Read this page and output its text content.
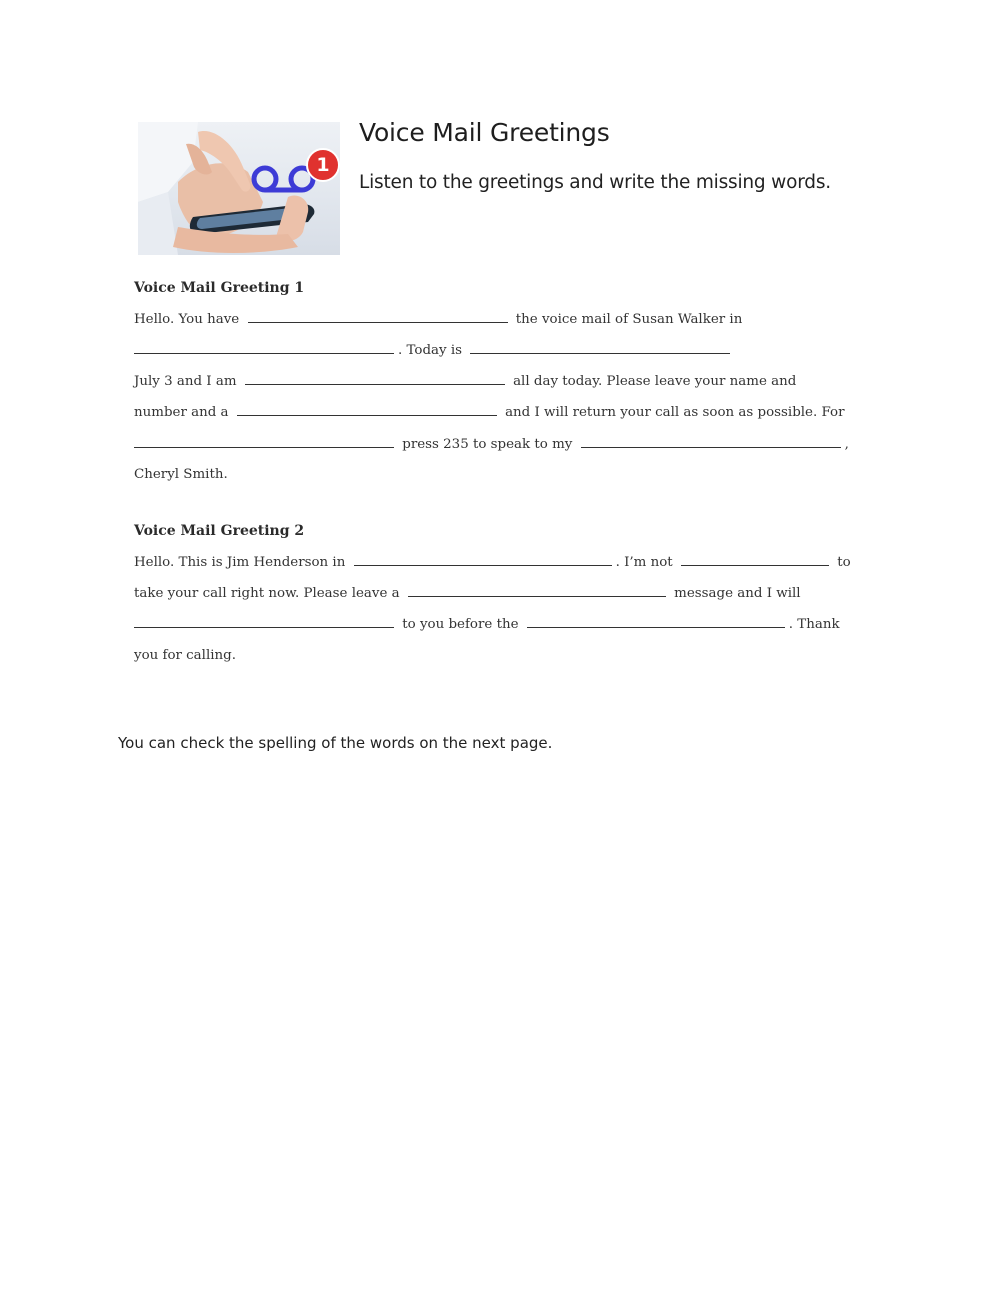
1
Voice Mail Greetings

Listen to the greetings and write the missing words.

Voice Mail Greeting 1
Hello. You have	the voice mail of Susan Walker in
. Today is
July 3 and I am	all day today. Please leave your name and
number and a	and I will return your call as soon as possible. For
press 235 to speak to my	,
Cheryl Smith.
Voice Mail Greeting 2
Hello. This is Jim Henderson in	. I’m not	to
take your call right now. Please leave a	message and I will
to you before the	. Thank
you for calling.

You can check the spelling of the words on the next page.
